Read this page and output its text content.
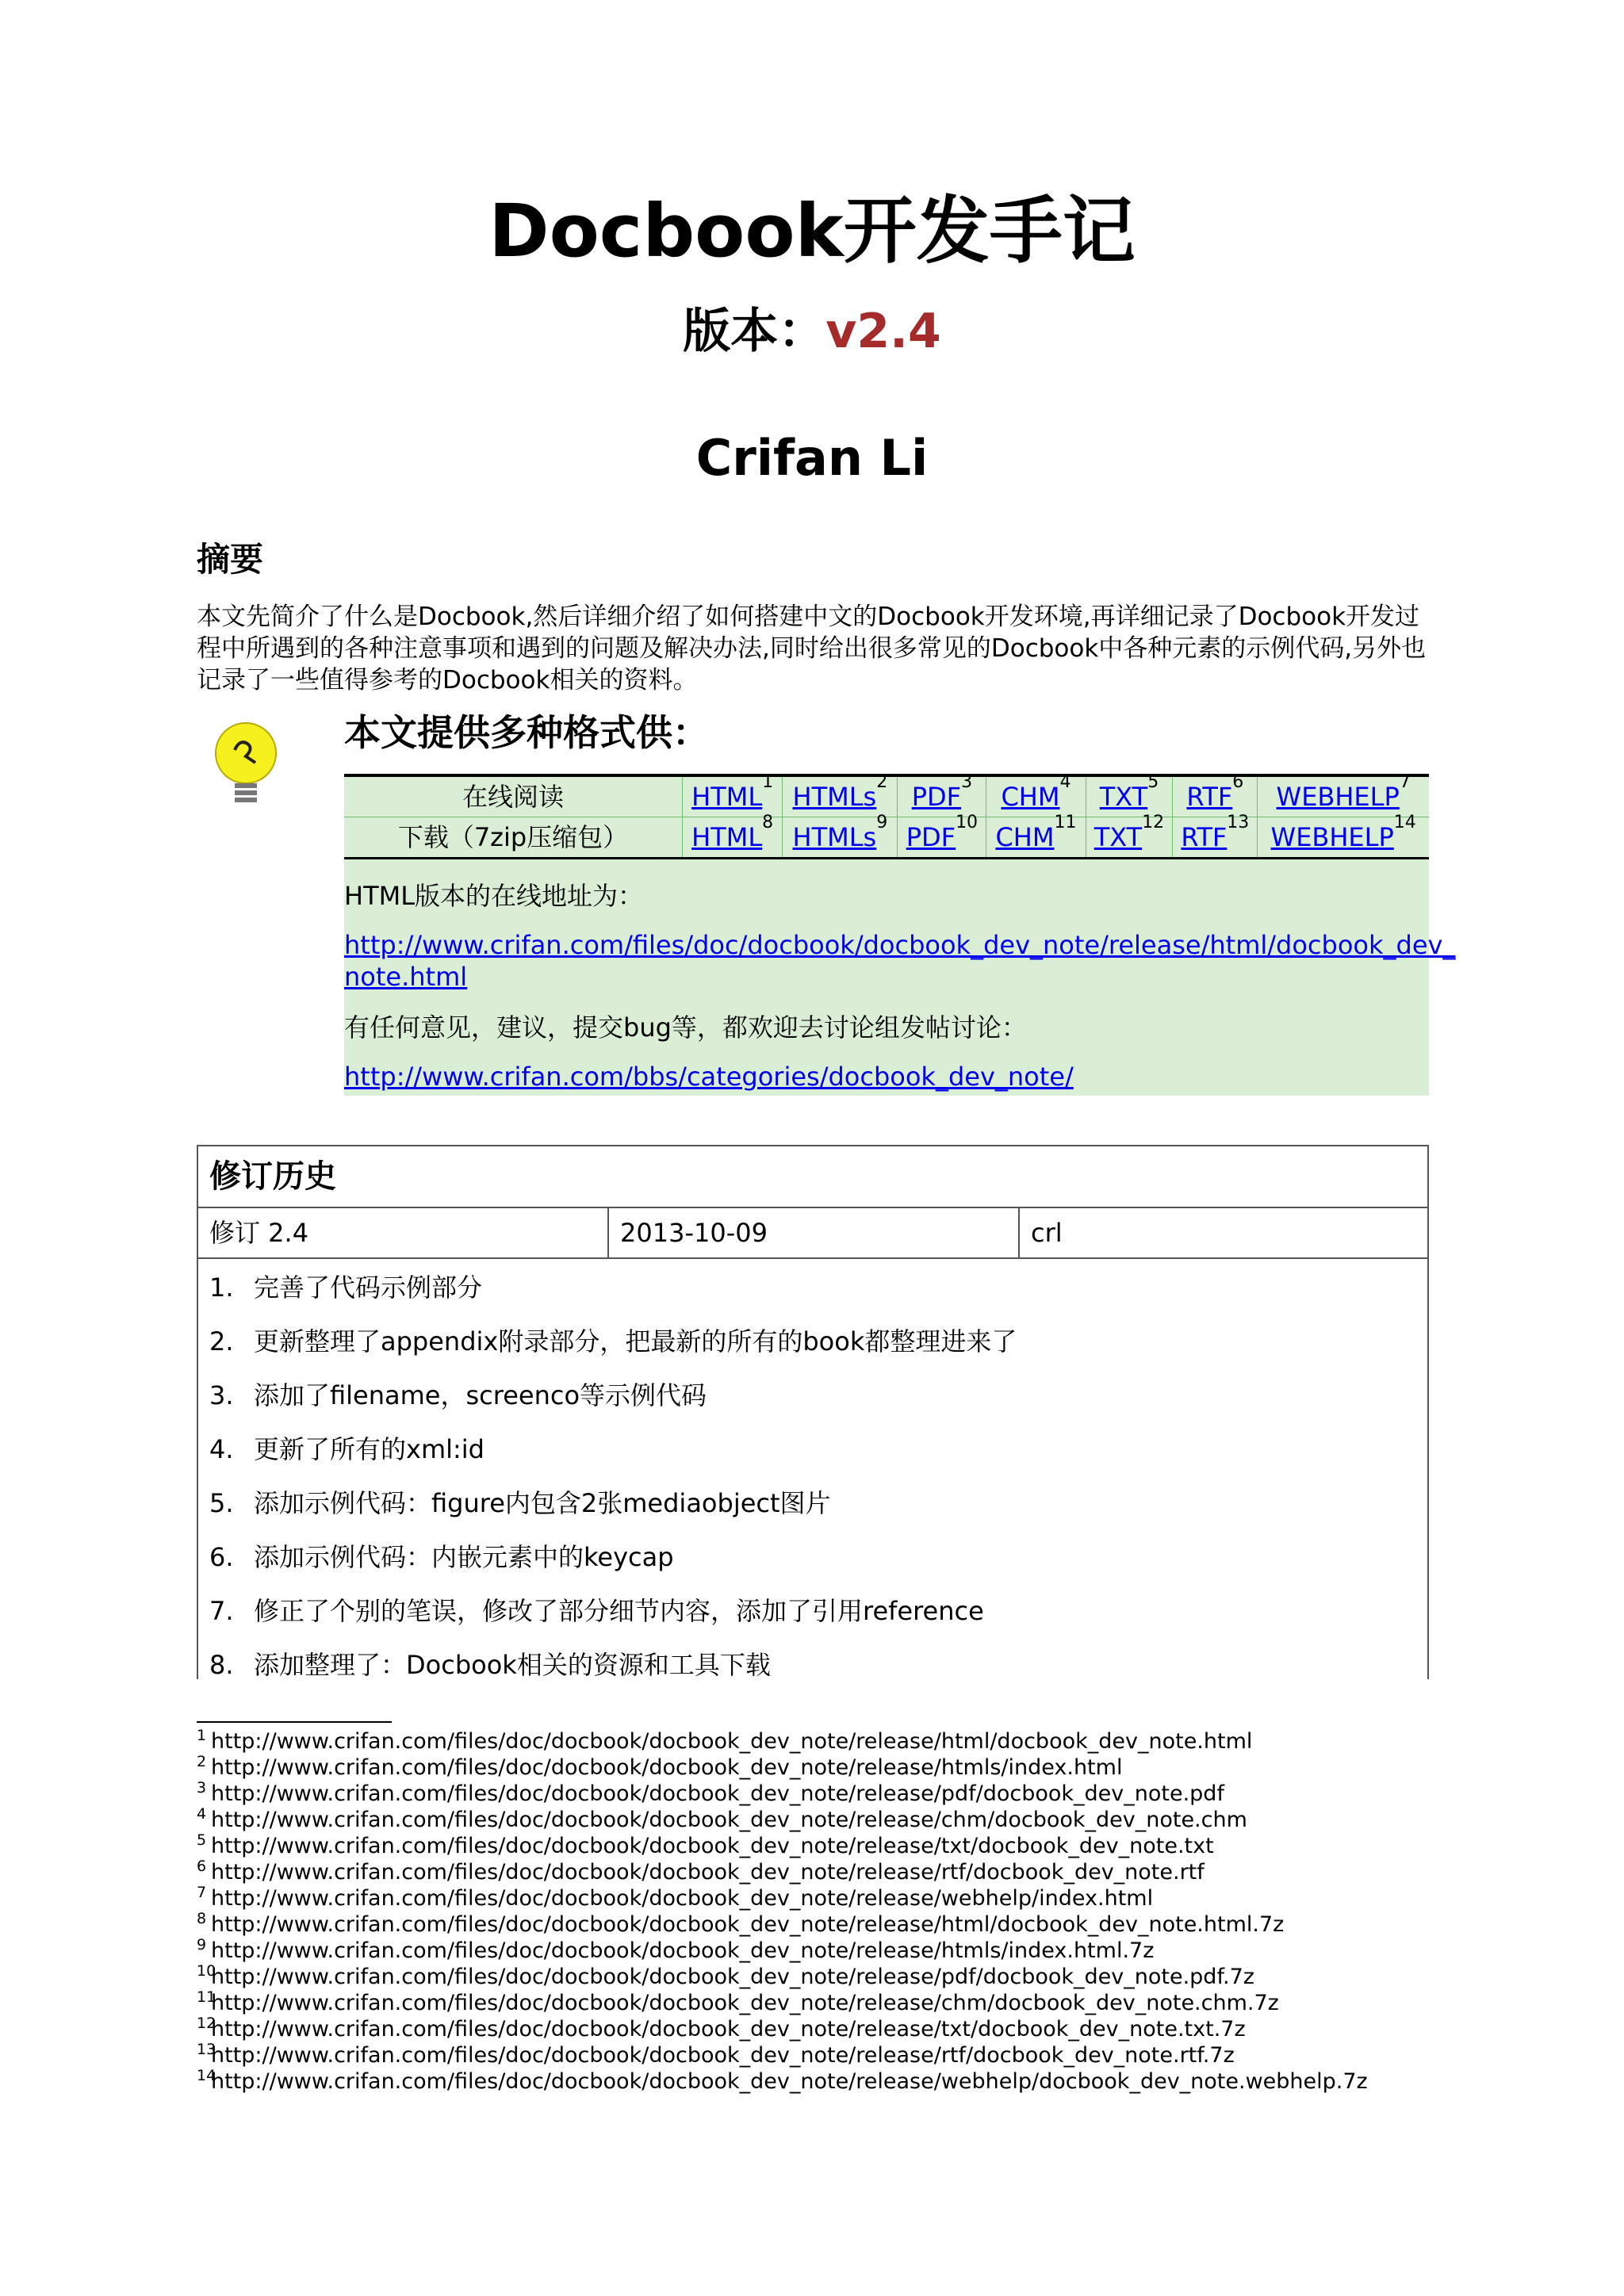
Docbook开发手记
版本：v2.4
Crifan Li
摘要
本文先简介了什么是Docbook,然后详细介绍了如何搭建中文的Docbook开发环境,再详细记录了Docbook开发过
程中所遇到的各种注意事项和遇到的问题及解决办法,同时给出很多常见的Docbook中各种元素的示例代码,另外也
记录了一些值得参考的Docbook相关的资料。
本文提供多种格式供：
在线阅读	HTML$^1$	HTMLs$^2$	PDF$^3$	CHM$^4$	TXT$^5$	RTF$^6$	WEBHELP$^7$
下载（7zip压缩包）	HTML$^8$	HTMLs$^9$	PDF$^{10}$	CHM$^{11}$	TXT$^{12}$	RTF$^{13}$	WEBHELP$^{14}$
HTML版本的在线地址为：
http://www.crifan.com/files/doc/docbook/docbook_dev_note/release/html/docbook_dev_
note.html
有任何意见，建议，提交bug等，都欢迎去讨论组发帖讨论：
http://www.crifan.com/bbs/categories/docbook_dev_note/
修订历史
修订 2.4	2013-10-09	crl
1. 完善了代码示例部分
2. 更新整理了appendix附录部分，把最新的所有的book都整理进来了
3. 添加了filename，screenco等示例代码
4. 更新了所有的xml:id
5. 添加示例代码：figure内包含2张mediaobject图片
6. 添加示例代码：内嵌元素中的keycap
7. 修正了个别的笔误，修改了部分细节内容，添加了引用reference
8. 添加整理了：Docbook相关的资源和工具下载
$^1$ http://www.crifan.com/files/doc/docbook/docbook_dev_note/release/html/docbook_dev_note.html
$^2$ http://www.crifan.com/files/doc/docbook/docbook_dev_note/release/htmls/index.html
$^3$ http://www.crifan.com/files/doc/docbook/docbook_dev_note/release/pdf/docbook_dev_note.pdf
$^4$ http://www.crifan.com/files/doc/docbook/docbook_dev_note/release/chm/docbook_dev_note.chm
$^5$ http://www.crifan.com/files/doc/docbook/docbook_dev_note/release/txt/docbook_dev_note.txt
$^6$ http://www.crifan.com/files/doc/docbook/docbook_dev_note/release/rtf/docbook_dev_note.rtf
$^7$ http://www.crifan.com/files/doc/docbook/docbook_dev_note/release/webhelp/index.html
$^8$ http://www.crifan.com/files/doc/docbook/docbook_dev_note/release/html/docbook_dev_note.html.7z
$^9$ http://www.crifan.com/files/doc/docbook/docbook_dev_note/release/htmls/index.html.7z
$^{10}$http://www.crifan.com/files/doc/docbook/docbook_dev_note/release/pdf/docbook_dev_note.pdf.7z
$^{11}$http://www.crifan.com/files/doc/docbook/docbook_dev_note/release/chm/docbook_dev_note.chm.7z
$^{12}$http://www.crifan.com/files/doc/docbook/docbook_dev_note/release/txt/docbook_dev_note.txt.7z
$^{13}$http://www.crifan.com/files/doc/docbook/docbook_dev_note/release/rtf/docbook_dev_note.rtf.7z
$^{14}$http://www.crifan.com/files/doc/docbook/docbook_dev_note/release/webhelp/docbook_dev_note.webhelp.7z
